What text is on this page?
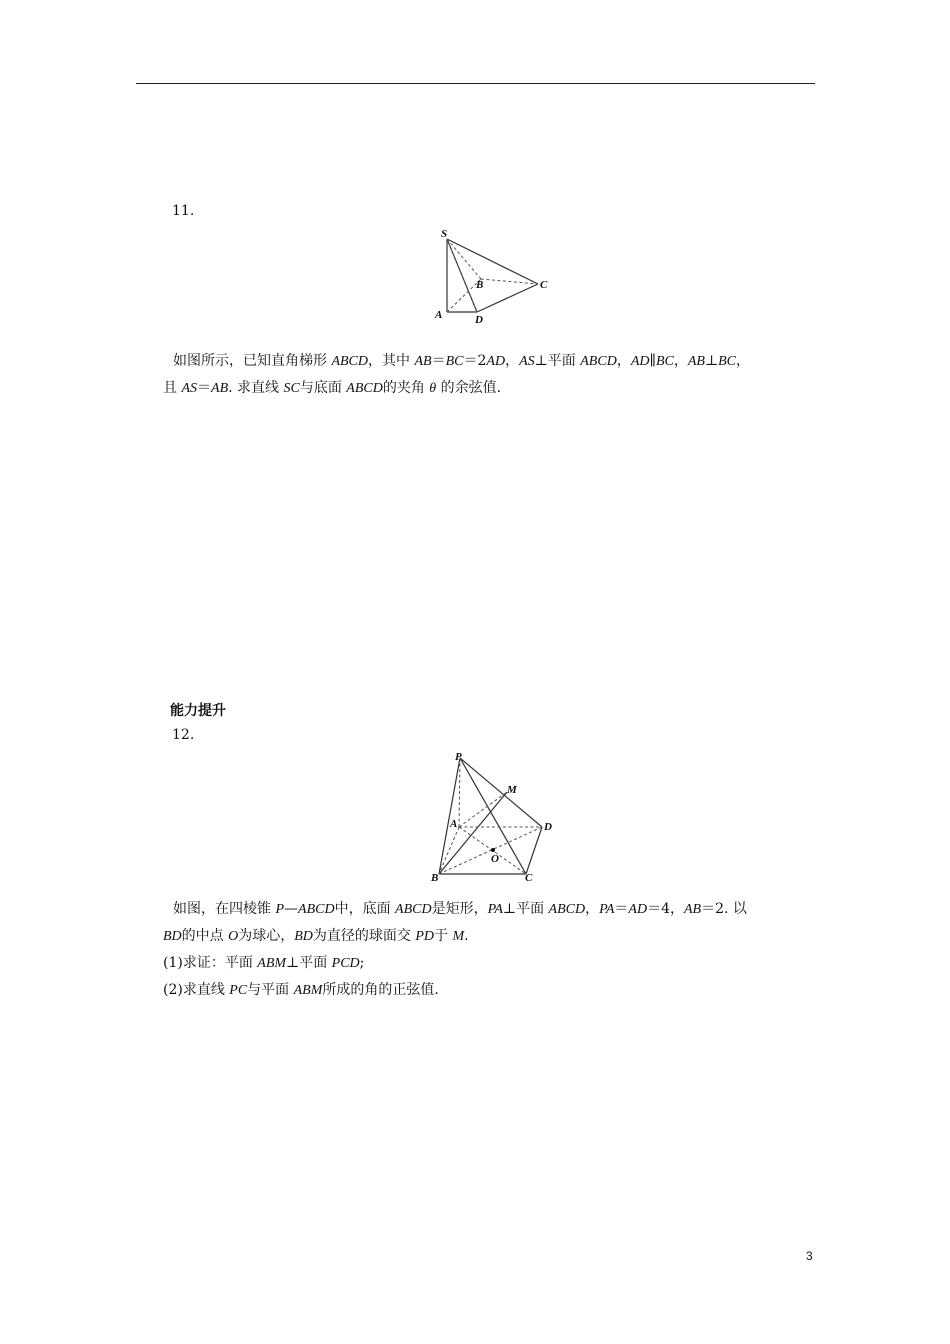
11.
S
A
B	C
D
如图所示，已知直角梯形 ABCD，其中 AB＝BC＝2AD，AS⊥平面 ABCD，AD∥BC，AB⊥BC，
且 AS＝AB. 求直线 SC与底面 ABCD的夹角 θ 的余弦值.
能力提升
12.
P
M
A	D
O
B	C
如图，在四棱锥 P—ABCD中，底面 ABCD是矩形，PA⊥平面 ABCD，PA＝AD＝4，AB＝2. 以
BD的中点 O为球心，BD为直径的球面交 PD于 M.
(1)求证：平面 ABM⊥平面 PCD;
(2)求直线 PC与平面 ABM所成的角的正弦值.
3
